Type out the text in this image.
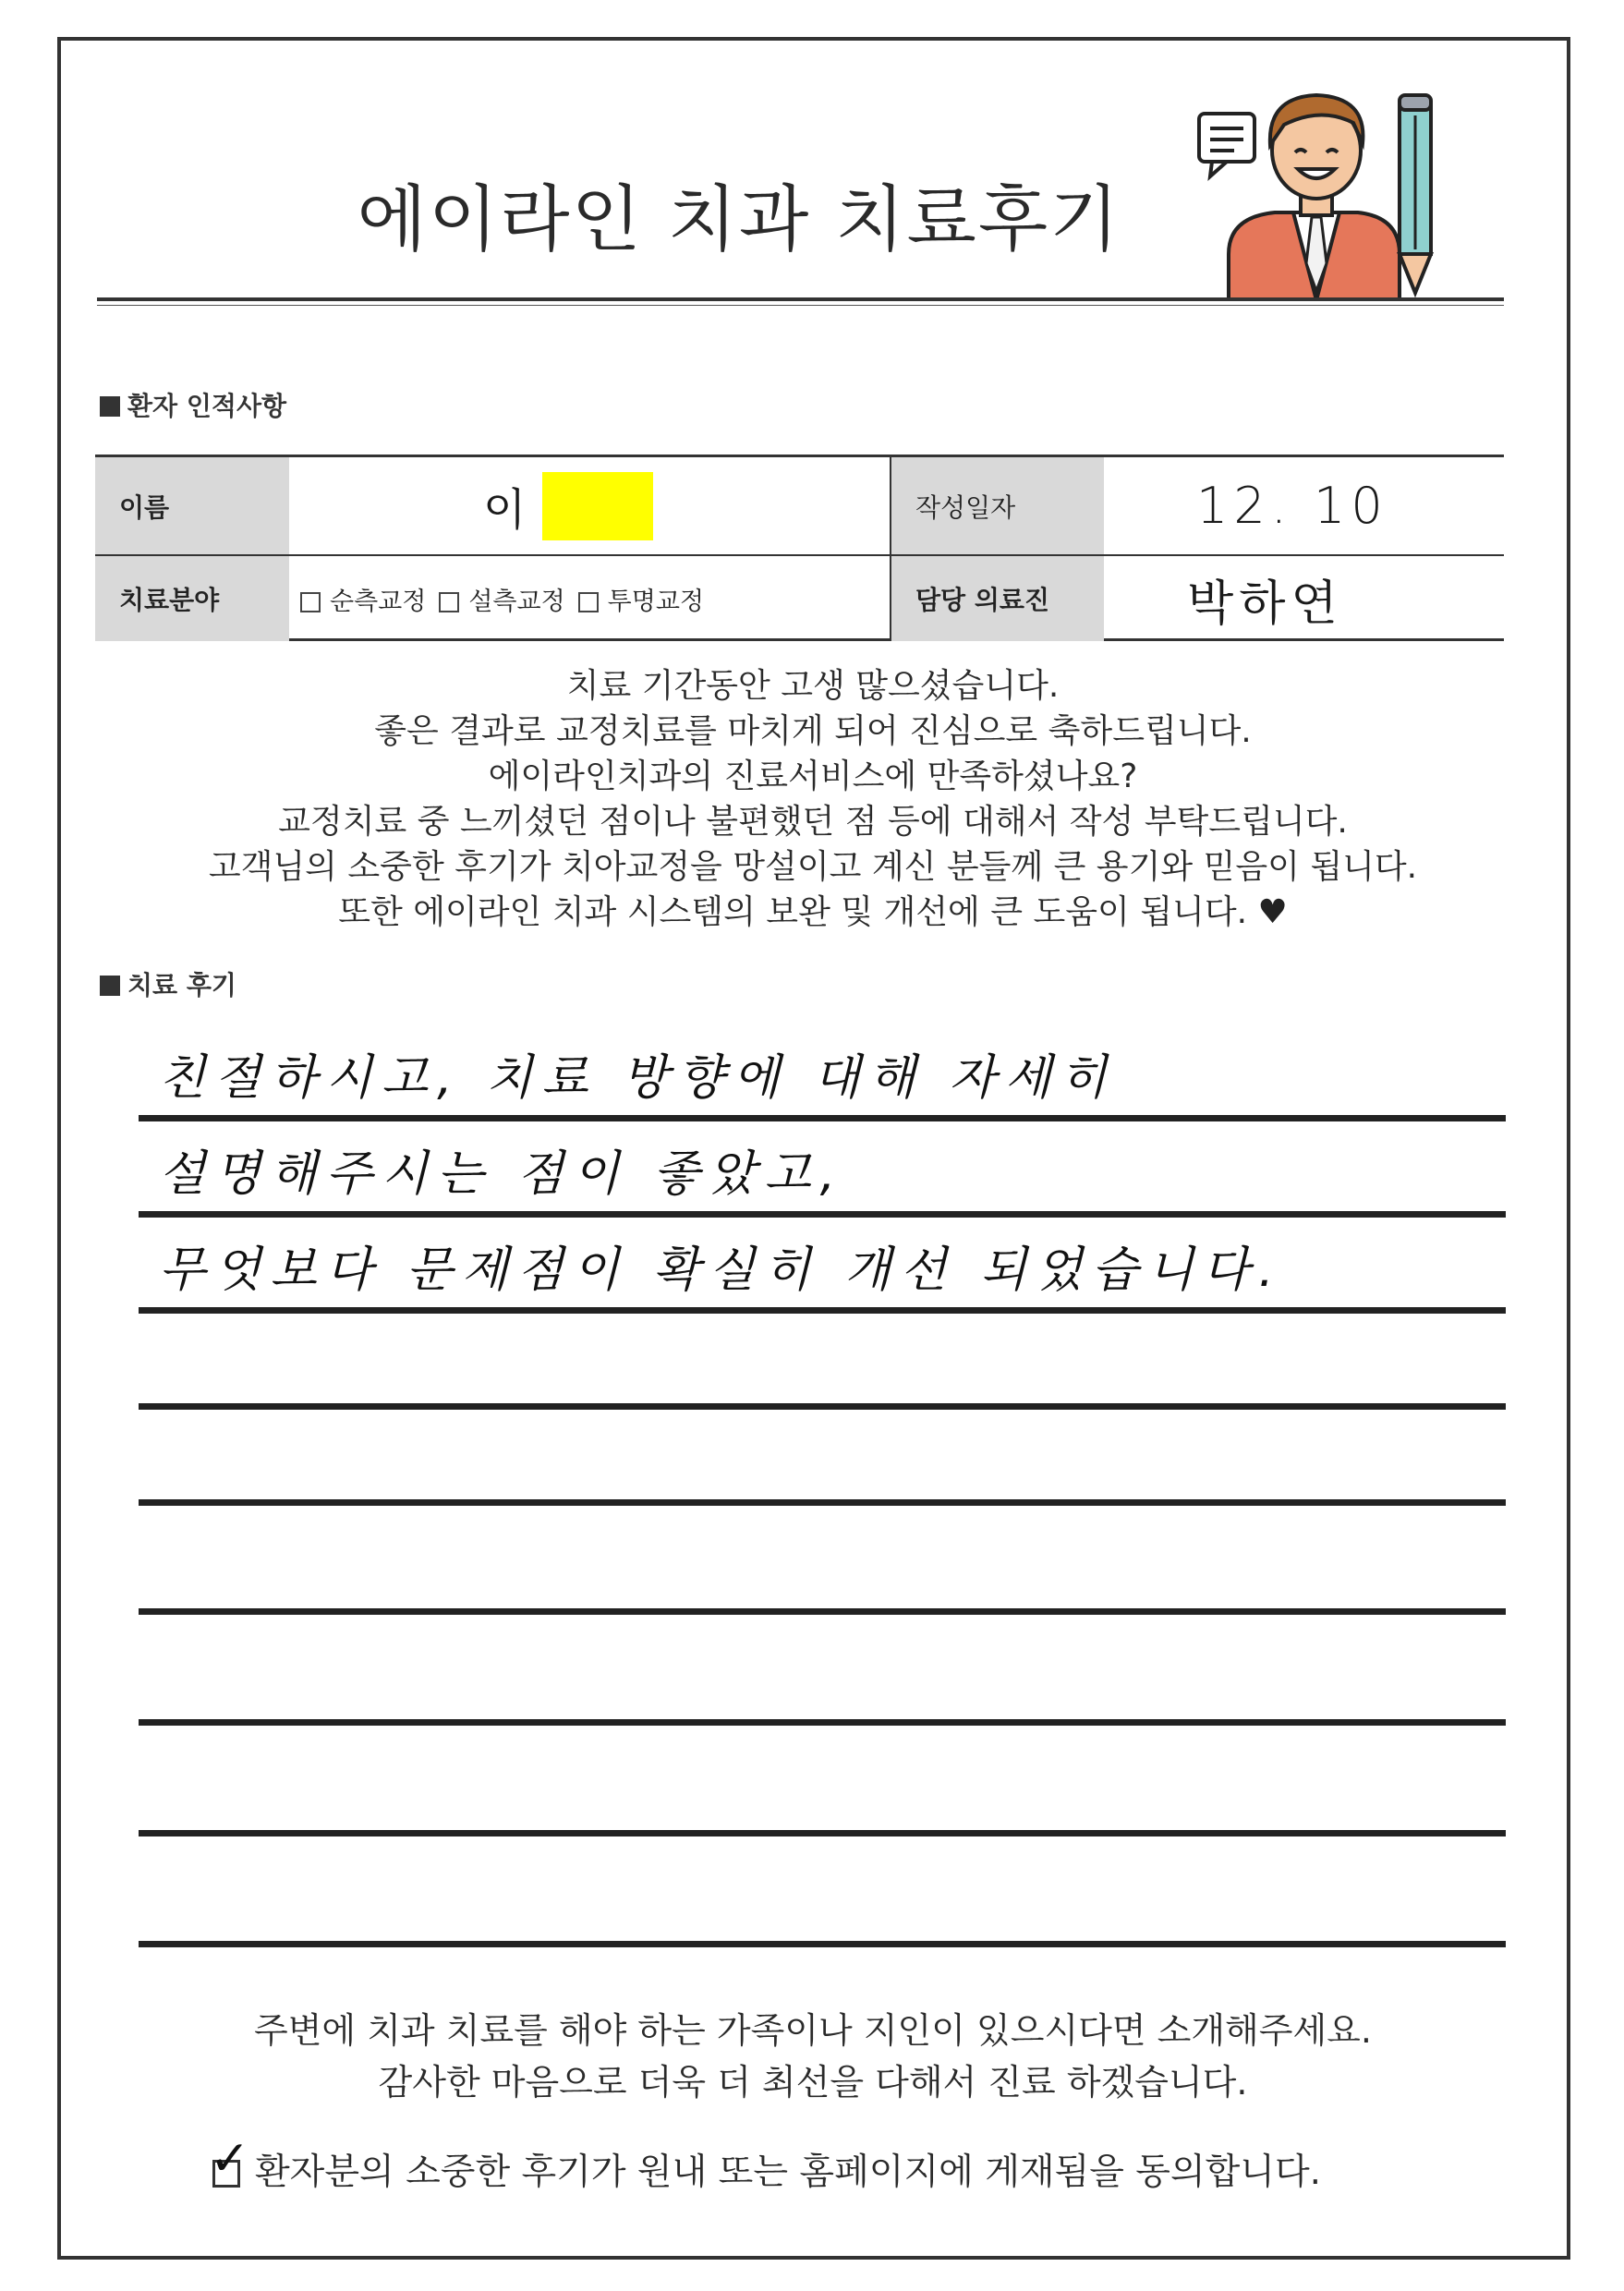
에이라인 치과 치료후기
환자 인적사항
이름	이	작성일자	12. 10
치료분야	순측교정	설측교정	투명교정	담당 의료진	박하연
치료 기간동안 고생 많으셨습니다.
좋은 결과로 교정치료를 마치게 되어 진심으로 축하드립니다.
에이라인치과의 진료서비스에 만족하셨나요?
교정치료 중 느끼셨던 점이나 불편했던 점 등에 대해서 작성 부탁드립니다.
고객님의 소중한 후기가 치아교정을 망설이고 계신 분들께 큰 용기와 믿음이 됩니다.
또한 에이라인 치과 시스템의 보완 및 개선에 큰 도움이 됩니다. ♥
치료 후기
친절하시고, 치료 방향에 대해 자세히
설명해주시는 점이 좋았고,
무엇보다 문제점이 확실히 개선 되었습니다.
주변에 치과 치료를 해야 하는 가족이나 지인이 있으시다면 소개해주세요.
감사한 마음으로 더욱 더 최선을 다해서 진료 하겠습니다.
✓ 환자분의 소중한 후기가 원내 또는 홈페이지에 게재됨을 동의합니다.
